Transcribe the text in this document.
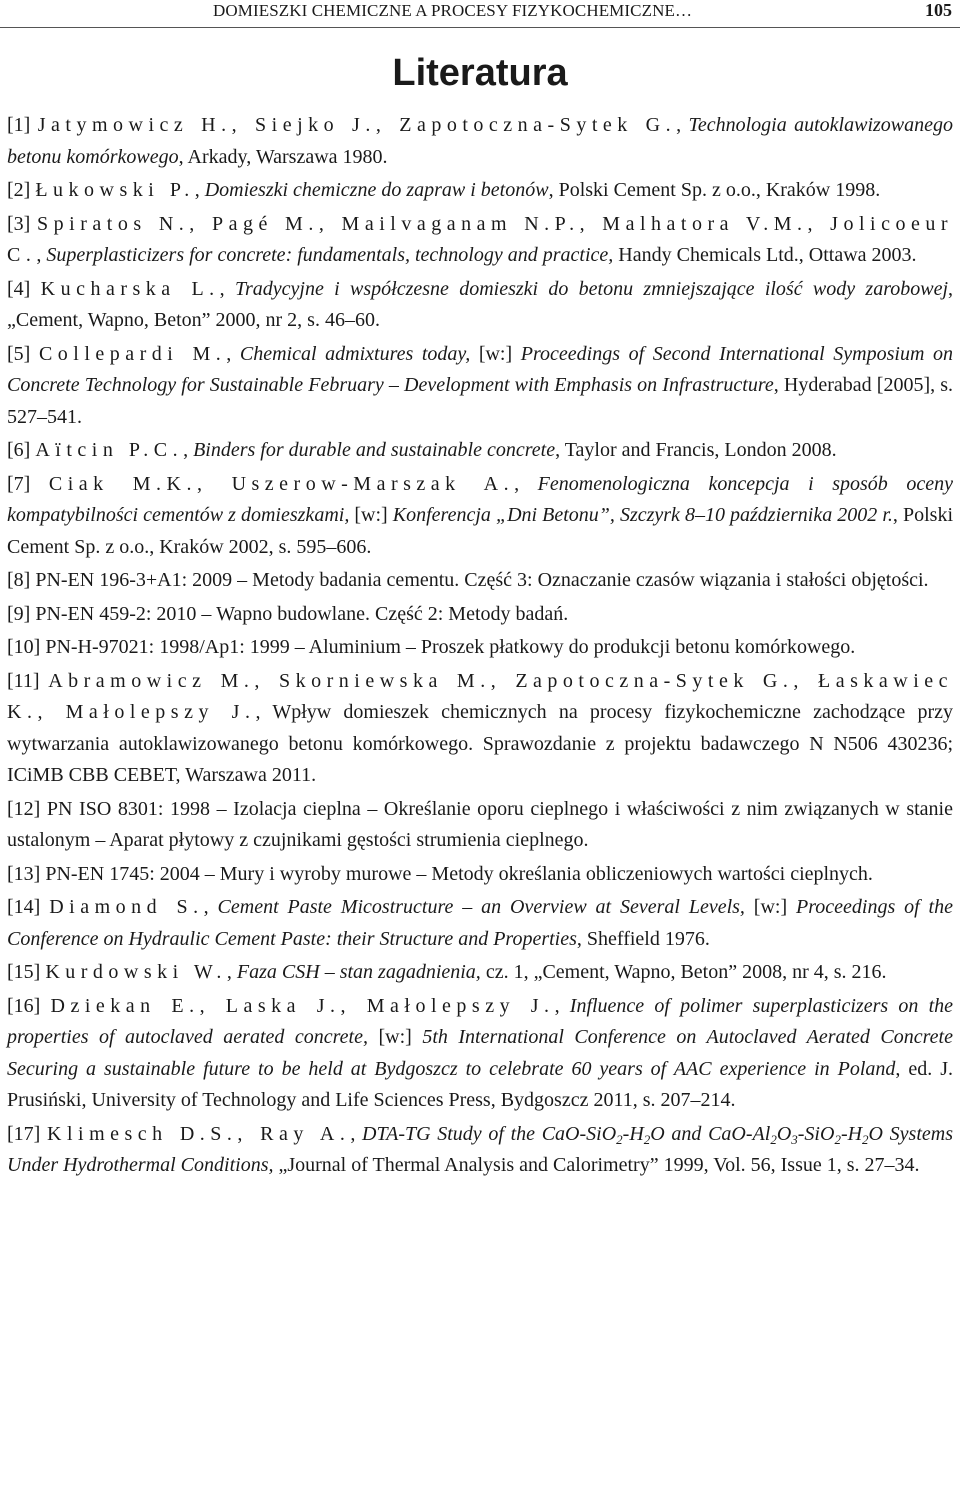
DOMIESZKI CHEMICZNE A PROCESY FIZYKOCHEMICZNE…	105
Literatura
[1] Jatymowicz H., Siejko J., Zapotoczna-Sytek G., Technologia autoklawizowanego betonu komórkowego, Arkady, Warszawa 1980.
[2] Łukowski P., Domieszki chemiczne do zapraw i betonów, Polski Cement Sp. z o.o., Kraków 1998.
[3] Spiratos N., Pagé M., Mailvaganam N.P., Malhatora V.M., Jolicoeur C., Superplasticizers for concrete: fundamentals, technology and practice, Handy Chemicals Ltd., Ottawa 2003.
[4] Kucharska L., Tradycyjne i współczesne domieszki do betonu zmniejszające ilość wody zarobowej, „Cement, Wapno, Beton” 2000, nr 2, s. 46–60.
[5] Collepardi M., Chemical admixtures today, [w:] Proceedings of Second International Symposium on Concrete Technology for Sustainable February – Development with Emphasis on Infrastructure, Hyderabad [2005], s. 527–541.
[6] Aïtcin P.C., Binders for durable and sustainable concrete, Taylor and Francis, London 2008.
[7] Ciak M.K., Uszerow-Marszak A., Fenomenologiczna koncepcja i sposób oceny kompatybilności cementów z domieszkami, [w:] Konferencja „Dni Betonu”, Szczyrk 8–10 października 2002 r., Polski Cement Sp. z o.o., Kraków 2002, s. 595–606.
[8] PN-EN 196-3+A1: 2009 – Metody badania cementu. Część 3: Oznaczanie czasów wiązania i stałości objętości.
[9] PN-EN 459-2: 2010 – Wapno budowlane. Część 2: Metody badań.
[10] PN-H-97021: 1998/Ap1: 1999 – Aluminium – Proszek płatkowy do produkcji betonu komórkowego.
[11] Abramowicz M., Skorniewska M., Zapotoczna-Sytek G., Łaskawiec K., Małolepszy J., Wpływ domieszek chemicznych na procesy fizykochemiczne zachodzące przy wytwarzania autoklawizowanego betonu komórkowego. Sprawozdanie z projektu badawczego N N506 430236; ICiMB CBB CEBET, Warszawa 2011.
[12] PN ISO 8301: 1998 – Izolacja cieplna – Określanie oporu cieplnego i właściwości z nim związanych w stanie ustalonym – Aparat płytowy z czujnikami gęstości strumienia cieplnego.
[13] PN-EN 1745: 2004 – Mury i wyroby murowe – Metody określania obliczeniowych wartości cieplnych.
[14] Diamond S., Cement Paste Micostructure – an Overview at Several Levels, [w:] Proceedings of the Conference on Hydraulic Cement Paste: their Structure and Properties, Sheffield 1976.
[15] Kurdowski W., Faza CSH – stan zagadnienia, cz. 1, „Cement, Wapno, Beton” 2008, nr 4, s. 216.
[16] Dziekan E., Laska J., Małolepszy J., Influence of polimer superplasticizers on the properties of autoclaved aerated concrete, [w:] 5th International Conference on Autoclaved Aerated Concrete Securing a sustainable future to be held at Bydgoszcz to celebrate 60 years of AAC experience in Poland, ed. J. Prusiński, University of Technology and Life Sciences Press, Bydgoszcz 2011, s. 207–214.
[17] Klimesch D.S., Ray A., DTA-TG Study of the CaO-$SiO_2-H_2O$ and CaO-$Al_2O_3-SiO_2-H_2O$ Systems Under Hydrothermal Conditions, „Journal of Thermal Analysis and Calorimetry” 1999, Vol. 56, Issue 1, s. 27–34.
